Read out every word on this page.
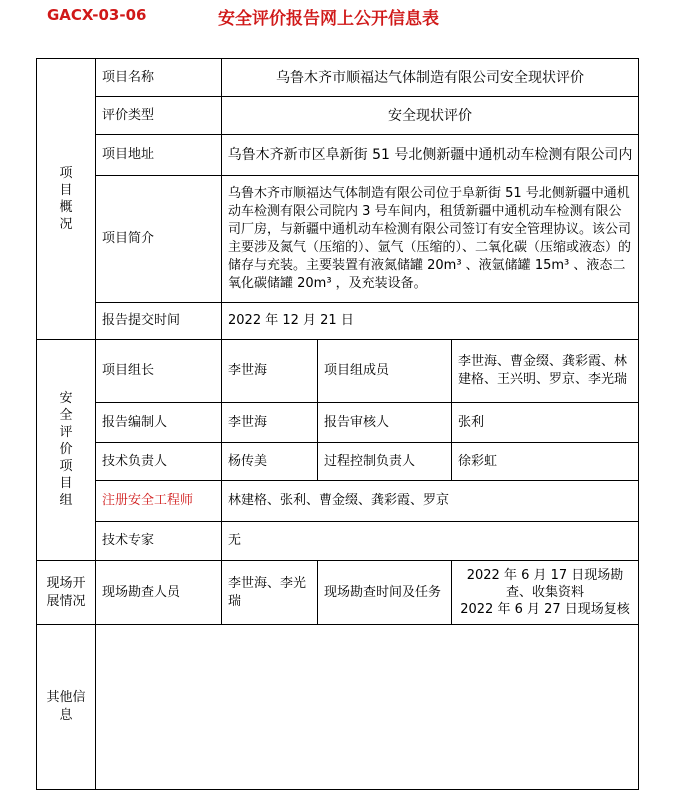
GACX-03-06	安全评价报告网上公开信息表
项目概况	项目名称	乌鲁木齐市顺福达气体制造有限公司安全现状评价		
	评价类型	安全现状评价		
	项目地址	乌鲁木齐新市区阜新街 51 号北侧新疆中通机动车检测有限公司内		
	项目简介	乌鲁木齐市顺福达气体制造有限公司位于阜新街 51 号北侧新疆中通机动车检测有限公司院内 3 号车间内，租赁新疆中通机动车检测有限公司厂房，与新疆中通机动车检测有限公司签订有安全管理协议。该公司主要涉及氮气（压缩的）、氩气（压缩的）、二氧化碳（压缩或液态）的储存与充装。主要装置有液氮储罐 20m³ 、液氩储罐 15m³ 、液态二氧化碳储罐 20m³ ，及充装设备。		
	报告提交时间	2022 年 12 月 21 日		

安全评价项目组	项目组长	李世海	项目组成员	李世海、曹金缀、龚彩霞、林建格、王兴明、罗京、李光瑞
	报告编制人	李世海	报告审核人	张利
	技术负责人	杨传美	过程控制负责人	徐彩虹
	注册安全工程师	林建格、张利、曹金缀、龚彩霞、罗京		
	技术专家	无		
现场开展情况	现场勘查人员	李世海、李光瑞	现场勘查时间及任务	2022 年 6 月 17 日现场勘查、收集资料
2022 年 6 月 27 日现场复核

其他信息				
